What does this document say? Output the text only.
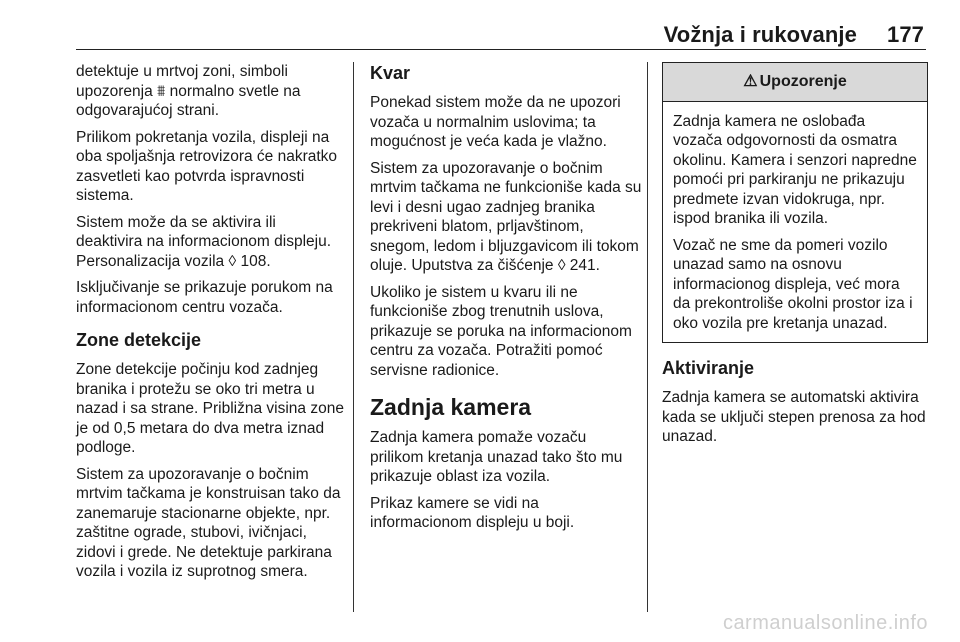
Vožnja i rukovanje 177

detektuje u mrtvoj zoni, simboli upozorenja ⩩ normalno svetle na odgovarajućoj strani.

Prilikom pokretanja vozila, displeji na oba spoljašnja retrovizora će nakratko zasvetleti kao potvrda ispravnosti sistema.

Sistem može da se aktivira ili deaktivira na informacionom displeju. Personalizacija vozila ◊ 108.

Isključivanje se prikazuje porukom na informacionom centru vozača.

Zone detekcije

Zone detekcije počinju kod zadnjeg branika i protežu se oko tri metra u nazad i sa strane. Približna visina zone je od 0,5 metara do dva metra iznad podloge.

Sistem za upozoravanje o bočnim mrtvim tačkama je konstruisan tako da zanemaruje stacionarne objekte, npr. zaštitne ograde, stubovi, ivičnjaci, zidovi i grede. Ne detektuje parkirana vozila i vozila iz suprotnog smera.

Kvar

Ponekad sistem može da ne upozori vozača u normalnim uslovima; ta mogućnost je veća kada je vlažno.

Sistem za upozoravanje o bočnim mrtvim tačkama ne funkcioniše kada su levi i desni ugao zadnjeg branika prekriveni blatom, prljavštinom, snegom, ledom i bljuzgavicom ili tokom oluje. Uputstva za čišćenje ◊ 241.

Ukoliko je sistem u kvaru ili ne funkcioniše zbog trenutnih uslova, prikazuje se poruka na informacionom centru za vozača. Potražiti pomoć servisne radionice.

Zadnja kamera

Zadnja kamera pomaže vozaču prilikom kretanja unazad tako što mu prikazuje oblast iza vozila.

Prikaz kamere se vidi na informacionom displeju u boji.

⚠ Upozorenje

Zadnja kamera ne oslobađa vozača odgovornosti da osmatra okolinu. Kamera i senzori napredne pomoći pri parkiranju ne prikazuju predmete izvan vidokruga, npr. ispod branika ili vozila.

Vozač ne sme da pomeri vozilo unazad samo na osnovu informacionog displeja, već mora da prekontroliše okolni prostor iza i oko vozila pre kretanja unazad.

Aktiviranje

Zadnja kamera se automatski aktivira kada se uključi stepen prenosa za hod unazad.

carmanualsonline.info
